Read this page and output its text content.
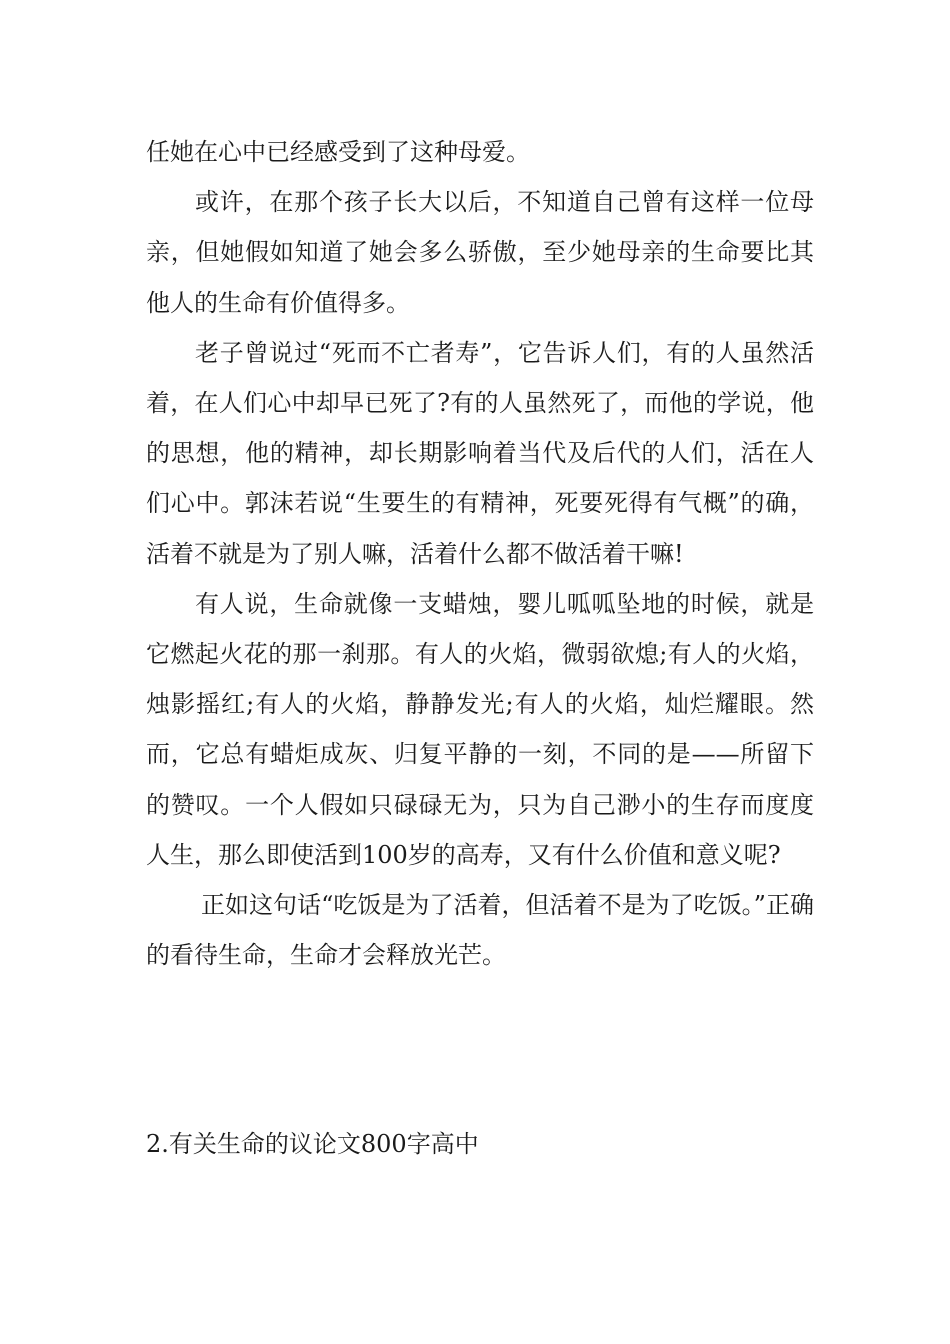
任她在心中已经感受到了这种母爱。

或许，在那个孩子长大以后，不知道自己曾有这样一位母亲，但她假如知道了她会多么骄傲，至少她母亲的生命要比其他人的生命有价值得多。

老子曾说过“死而不亡者寿”，它告诉人们，有的人虽然活着，在人们心中却早已死了?有的人虽然死了，而他的学说，他的思想，他的精神，却长期影响着当代及后代的人们，活在人们心中。郭沫若说“生要生的有精神，死要死得有气概”的确，活着不就是为了别人嘛，活着什么都不做活着干嘛!

有人说，生命就像一支蜡烛，婴儿呱呱坠地的时候，就是它燃起火花的那一刹那。有人的火焰，微弱欲熄;有人的火焰，烛影摇红;有人的火焰，静静发光;有人的火焰，灿烂耀眼。然而，它总有蜡炬成灰、归复平静的一刻，不同的是——所留下的赞叹。一个人假如只碌碌无为，只为自己渺小的生存而度度人生，那么即使活到100岁的高寿，又有什么价值和意义呢?

正如这句话“吃饭是为了活着，但活着不是为了吃饭。”正确的看待生命，生命才会释放光芒。

2.有关生命的议论文800字高中
